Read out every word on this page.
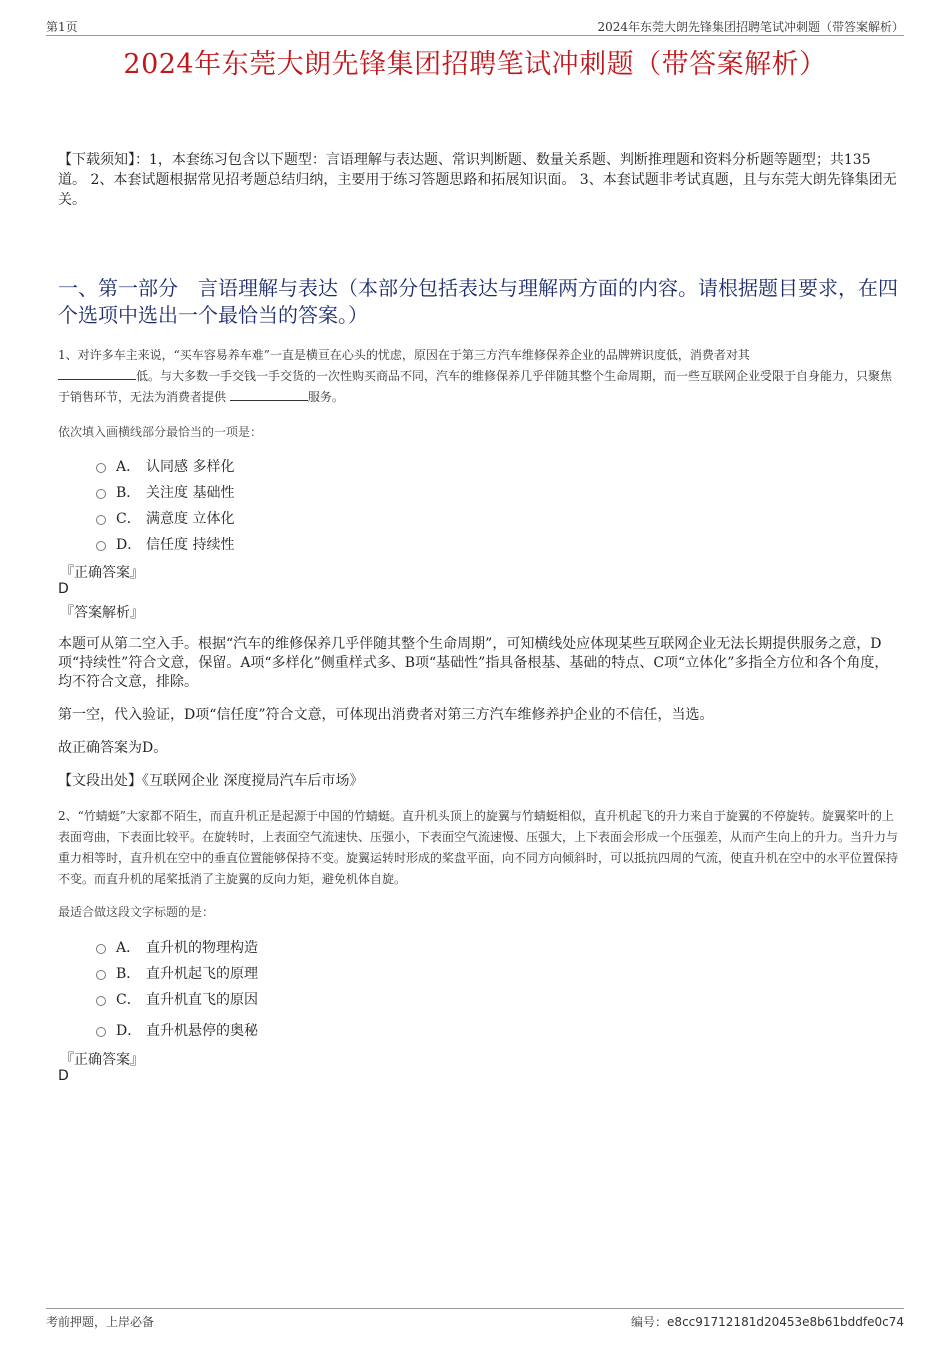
第1页	2024年东莞大朗先锋集团招聘笔试冲刺题（带答案解析）
2024年东莞大朗先锋集团招聘笔试冲刺题（带答案解析）
【下载须知】：1，本套练习包含以下题型：言语理解与表达题、常识判断题、数量关系题、判断推理题和资料分析题等题型；共135道。 2、本套试题根据常见招考题总结归纳，主要用于练习答题思路和拓展知识面。 3、本套试题非考试真题，且与东莞大朗先锋集团无关。
一、第一部分　言语理解与表达（本部分包括表达与理解两方面的内容。请根据题目要求，在四个选项中选出一个最恰当的答案。）
1、对许多车主来说，“买车容易养车难”一直是横亘在心头的忧虑，原因在于第三方汽车维修保养企业的品牌辨识度低，消费者对其
低。与大多数一手交钱一手交货的一次性购买商品不同，汽车的维修保养几乎伴随其整个生命周期，而一些互联网企业受限于自身能力，只聚焦于销售环节，无法为消费者提供	服务。
依次填入画横线部分最恰当的一项是：
A． 认同感 多样化
B． 关注度 基础性
C． 满意度 立体化
D． 信任度 持续性
『正确答案』
D
『答案解析』
本题可从第二空入手。根据“汽车的维修保养几乎伴随其整个生命周期”，可知横线处应体现某些互联网企业无法长期提供服务之意，D项“持续性”符合文意，保留。A项“多样化”侧重样式多、B项“基础性”指具备根基、基础的特点、C项“立体化”多指全方位和各个角度，均不符合文意，排除。
第一空，代入验证，D项“信任度”符合文意，可体现出消费者对第三方汽车维修养护企业的不信任，当选。
故正确答案为D。
【文段出处】《互联网企业 深度搅局汽车后市场》
2、“竹蜻蜓”大家都不陌生，而直升机正是起源于中国的竹蜻蜓。直升机头顶上的旋翼与竹蜻蜓相似，直升机起飞的升力来自于旋翼的不停旋转。旋翼桨叶的上表面弯曲，下表面比较平。在旋转时，上表面空气流速快、压强小，下表面空气流速慢、压强大，上下表面会形成一个压强差，从而产生向上的升力。当升力与重力相等时，直升机在空中的垂直位置能够保持不变。旋翼运转时形成的桨盘平面，向不同方向倾斜时，可以抵抗四周的气流，使直升机在空中的水平位置保持不变。而直升机的尾桨抵消了主旋翼的反向力矩，避免机体自旋。
最适合做这段文字标题的是：
A． 直升机的物理构造
B． 直升机起飞的原理
C． 直升机直飞的原因
D． 直升机悬停的奥秘
『正确答案』
D
考前押题，上岸必备	编号：e8cc91712181d20453e8b61bddfe0c74
